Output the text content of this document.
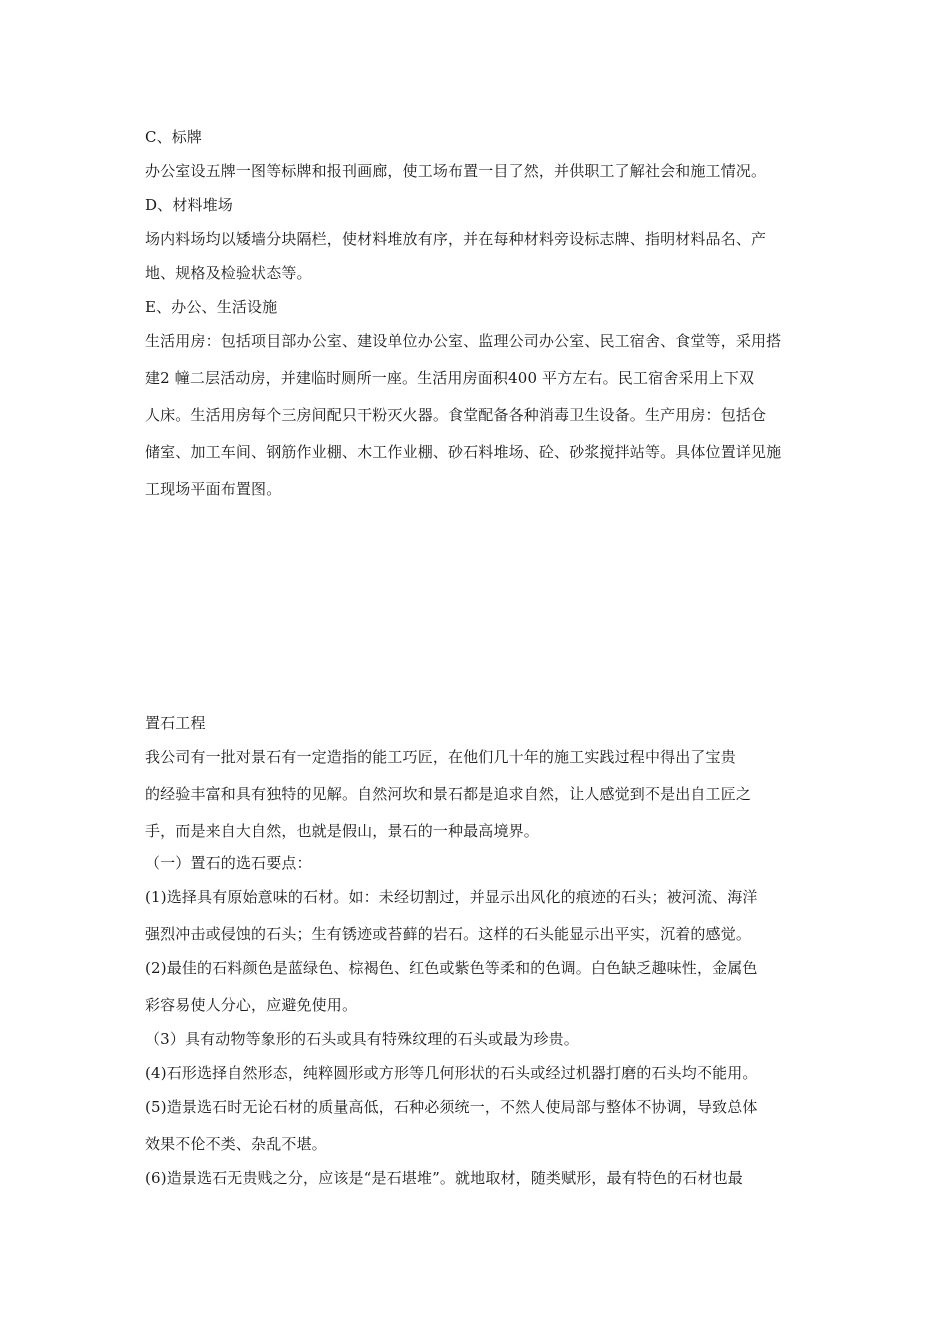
C、标牌
办公室设五牌一图等标牌和报刊画廊，使工场布置一目了然，并供职工了解社会和施工情况。
D、材料堆场
场内料场均以矮墙分块隔栏，使材料堆放有序，并在每种材料旁设标志牌、指明材料品名、产
地、规格及检验状态等。
E、办公、生活设施
生活用房：包括项目部办公室、建设单位办公室、监理公司办公室、民工宿舍、食堂等，采用搭
建2 幢二层活动房，并建临时厕所一座。生活用房面积400 平方左右。民工宿舍采用上下双
人床。生活用房每个三房间配只干粉灭火器。食堂配备各种消毒卫生设备。生产用房：包括仓
储室、加工车间、钢筋作业棚、木工作业棚、砂石料堆场、砼、砂浆搅拌站等。具体位置详见施
工现场平面布置图。
置石工程
我公司有一批对景石有一定造指的能工巧匠，在他们几十年的施工实践过程中得出了宝贵
的经验丰富和具有独特的见解。自然河坎和景石都是追求自然，让人感觉到不是出自工匠之
手，而是来自大自然，也就是假山，景石的一种最高境界。
（一）置石的选石要点：
(1)选择具有原始意味的石材。如：未经切割过，并显示出风化的痕迹的石头；被河流、海洋
强烈冲击或侵蚀的石头；生有锈迹或苔藓的岩石。这样的石头能显示出平实，沉着的感觉。
(2)最佳的石料颜色是蓝绿色、棕褐色、红色或紫色等柔和的色调。白色缺乏趣味性，金属色
彩容易使人分心，应避免使用。
（3）具有动物等象形的石头或具有特殊纹理的石头或最为珍贵。
(4)石形选择自然形态，纯粹圆形或方形等几何形状的石头或经过机器打磨的石头均不能用。
(5)造景选石时无论石材的质量高低，石种必须统一，不然人使局部与整体不协调，导致总体
效果不伦不类、杂乱不堪。
(6)造景选石无贵贱之分，应该是“是石堪堆”。就地取材，随类赋形，最有特色的石材也最
